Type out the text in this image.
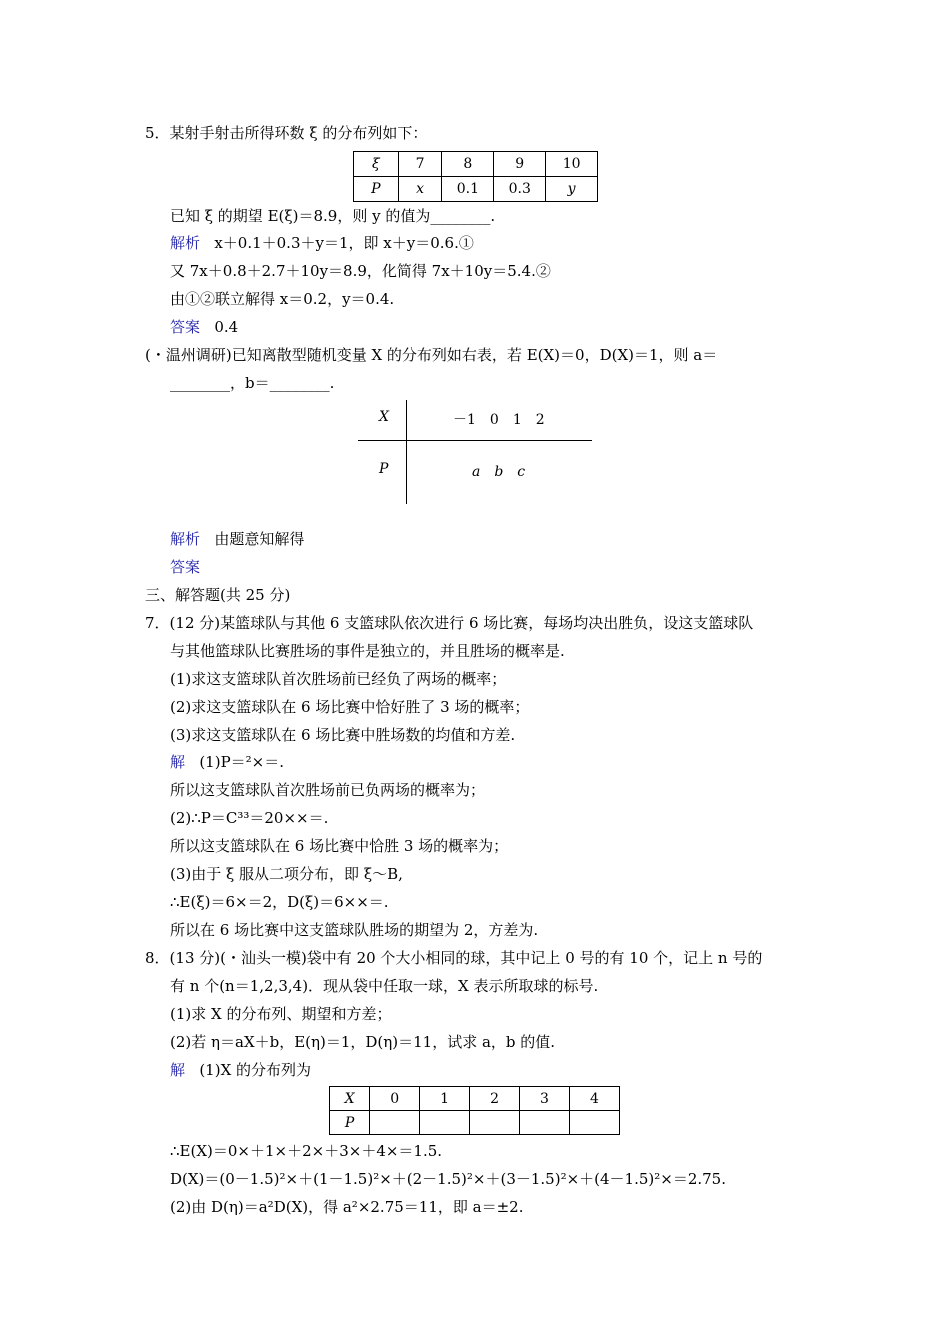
5．某射手射击所得环数 ξ 的分布列如下：
ξ	7	8	9	10
P	x	0.1	0.3	y
已知 ξ 的期望 E(ξ)＝8.9，则 y 的值为________.
解析 x＋0.1＋0.3＋y＝1，即 x＋y＝0.6.①
又 7x＋0.8＋2.7＋10y＝8.9，化简得 7x＋10y＝5.4.②
由①②联立解得 x＝0.2，y＝0.4.
答案 0.4
(・温州调研)已知离散型随机变量 X 的分布列如右表，若 E(X)＝0，D(X)＝1，则 a＝
________，b＝________.
X	－1　0　1　2
P	a　b　c
解析 由题意知解得
答案
三、解答题(共 25 分)
7．(12 分)某篮球队与其他 6 支篮球队依次进行 6 场比赛，每场均决出胜负，设这支篮球队
与其他篮球队比赛胜场的事件是独立的，并且胜场的概率是.
(1)求这支篮球队首次胜场前已经负了两场的概率；
(2)求这支篮球队在 6 场比赛中恰好胜了 3 场的概率；
(3)求这支篮球队在 6 场比赛中胜场数的均值和方差.
解 (1)P＝²×＝.
所以这支篮球队首次胜场前已负两场的概率为；
(2)∴P＝C³³＝20××＝.
所以这支篮球队在 6 场比赛中恰胜 3 场的概率为；
(3)由于 ξ 服从二项分布，即 ξ～B,
∴E(ξ)＝6×＝2，D(ξ)＝6××＝.
所以在 6 场比赛中这支篮球队胜场的期望为 2，方差为.
8．(13 分)(・汕头一模)袋中有 20 个大小相同的球，其中记上 0 号的有 10 个，记上 n 号的
有 n 个(n＝1,2,3,4)．现从袋中任取一球，X 表示所取球的标号.
(1)求 X 的分布列、期望和方差；
(2)若 η＝aX＋b，E(η)＝1，D(η)＝11，试求 a，b 的值.
解 (1)X 的分布列为
X	0	1	2	3	4
P					
∴E(X)＝0×＋1×＋2×＋3×＋4×＝1.5.
D(X)＝(0－1.5)²×＋(1－1.5)²×＋(2－1.5)²×＋(3－1.5)²×＋(4－1.5)²×＝2.75.
(2)由 D(η)＝a²D(X)，得 a²×2.75＝11，即 a＝±2.
